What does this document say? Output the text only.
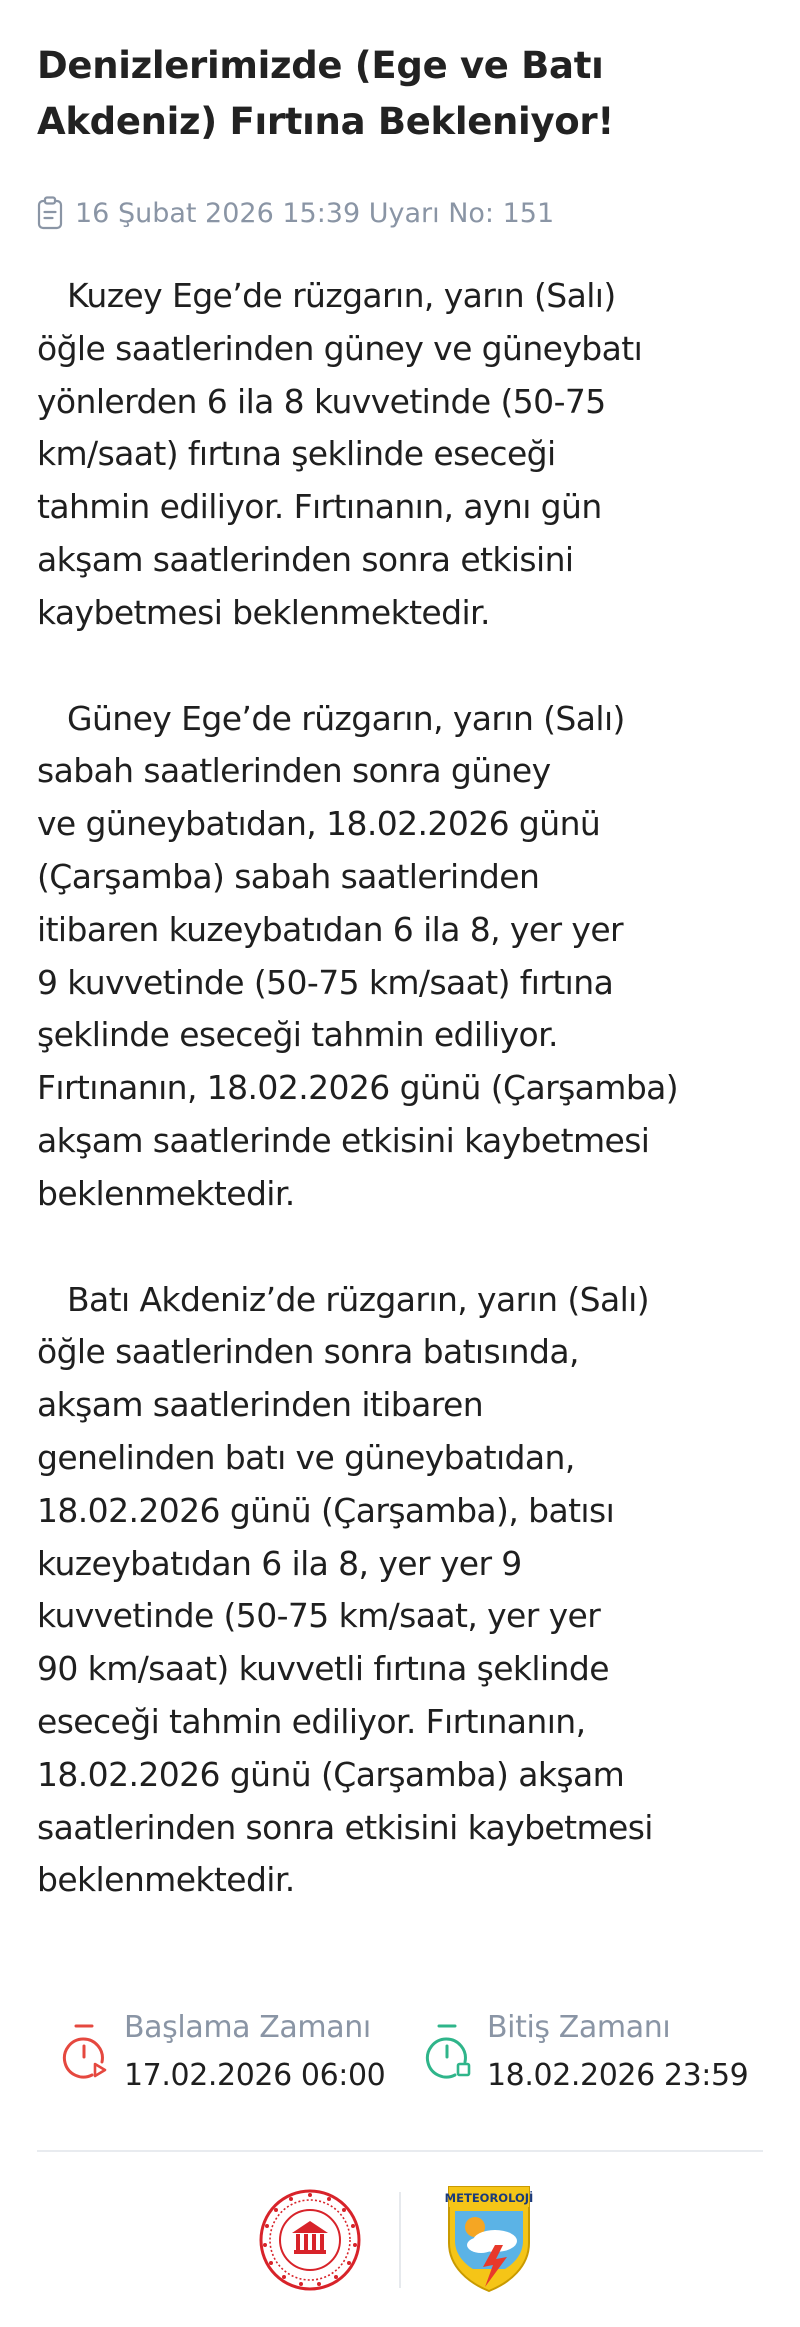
Denizlerimizde (Ege ve Batı Akdeniz) Fırtına Bekleniyor!
16 Şubat 2026 15:39 Uyarı No: 151

Kuzey Ege’de rüzgarın, yarın (Salı)
öğle saatlerinden güney ve güneybatı
yönlerden 6 ila 8 kuvvetinde (50-75
km/saat) fırtına şeklinde eseceği
tahmin ediliyor. Fırtınanın, aynı gün
akşam saatlerinden sonra etkisini
kaybetmesi beklenmektedir.

Güney Ege’de rüzgarın, yarın (Salı)
sabah saatlerinden sonra güney
ve güneybatıdan, 18.02.2026 günü
(Çarşamba) sabah saatlerinden
itibaren kuzeybatıdan 6 ila 8, yer yer
9 kuvvetinde (50-75 km/saat) fırtına
şeklinde eseceği tahmin ediliyor.
Fırtınanın, 18.02.2026 günü (Çarşamba)
akşam saatlerinde etkisini kaybetmesi
beklenmektedir.

Batı Akdeniz’de rüzgarın, yarın (Salı)
öğle saatlerinden sonra batısında,
akşam saatlerinden itibaren
genelinden batı ve güneybatıdan,
18.02.2026 günü (Çarşamba), batısı
kuzeybatıdan 6 ila 8, yer yer 9
kuvvetinde (50-75 km/saat, yer yer
90 km/saat) kuvvetli fırtına şeklinde
eseceği tahmin ediliyor. Fırtınanın,
18.02.2026 günü (Çarşamba) akşam
saatlerinden sonra etkisini kaybetmesi
beklenmektedir.

Başlama Zamanı
17.02.2026 06:00
Bitiş Zamanı
18.02.2026 23:59
METEOROLOJİ
